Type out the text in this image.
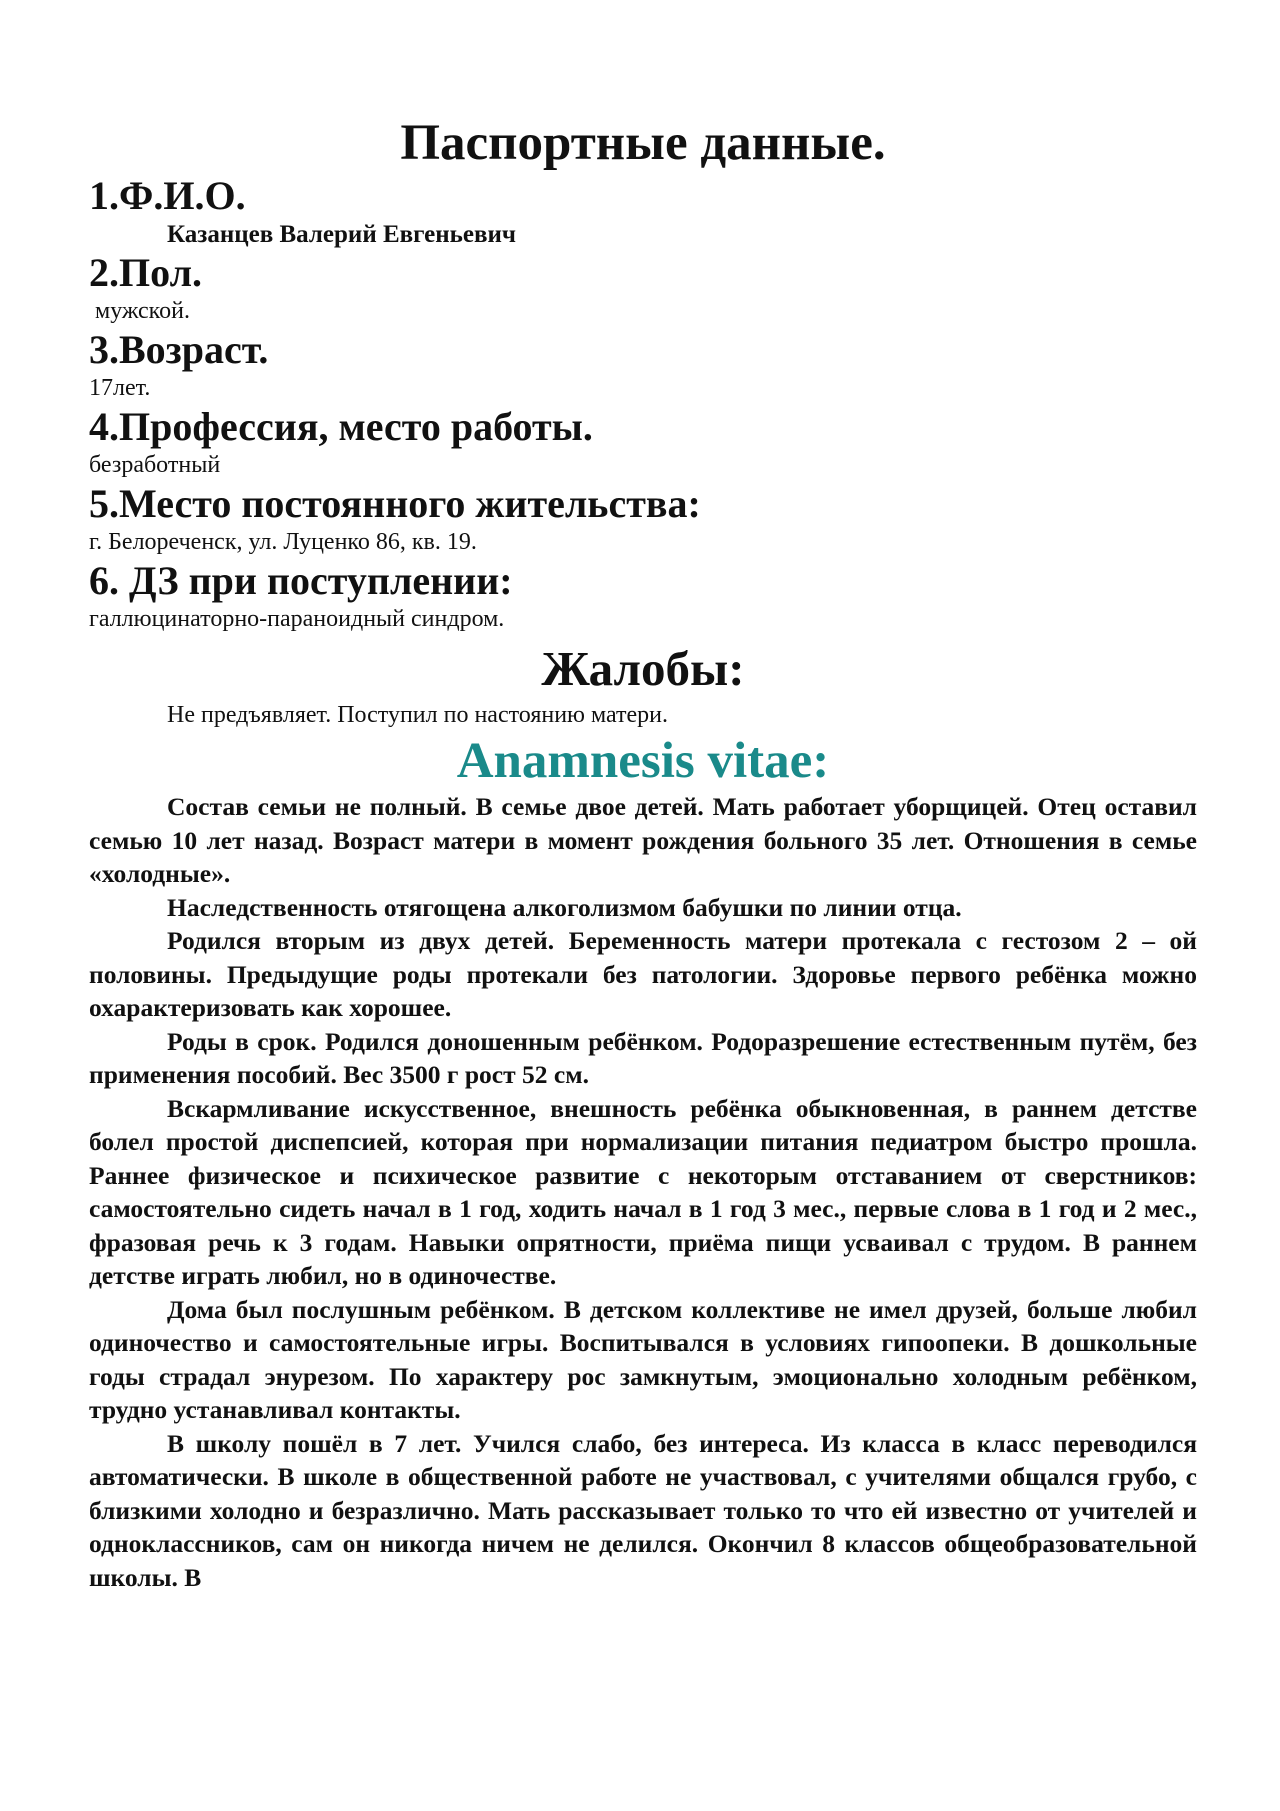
Паспортные данные.
1.Ф.И.О.
Казанцев Валерий Евгеньевич
2.Пол.
мужской.
3.Возраст.
17лет.
4.Профессия, место работы.
безработный
5.Место постоянного жительства:
г. Белореченск, ул. Луценко 86, кв. 19.
6. ДЗ при поступлении:
галлюцинаторно-параноидный синдром.
Жалобы:
Не предъявляет. Поступил по настоянию матери.
Anamnesis vitae:

Состав семьи не полный. В семье двое детей. Мать работает уборщицей. Отец оставил семью 10 лет назад. Возраст матери в момент рождения больного 35 лет. Отношения в семье «холодные».

Наследственность отягощена алкоголизмом бабушки по линии отца.

Родился вторым из двух детей. Беременность матери протекала с гестозом 2 – ой половины. Предыдущие роды протекали без патологии. Здоровье первого ребёнка можно охарактеризовать как хорошее.

Роды в срок. Родился доношенным ребёнком. Родоразрешение естественным путём, без применения пособий. Вес 3500 г рост 52 см.

Вскармливание искусственное, внешность ребёнка обыкновенная, в раннем детстве болел простой диспепсией, которая при нормализации питания педиатром быстро прошла. Раннее физическое и психическое развитие с некоторым отставанием от сверстников: самостоятельно сидеть начал в 1 год, ходить начал в 1 год 3 мес., первые слова в 1 год и 2 мес., фразовая речь к 3 годам. Навыки опрятности, приёма пищи усваивал с трудом. В раннем детстве играть любил, но в одиночестве.

Дома был послушным ребёнком. В детском коллективе не имел друзей, больше любил одиночество и самостоятельные игры. Воспитывался в условиях гипоопеки. В дошкольные годы страдал энурезом. По характеру рос замкнутым, эмоционально холодным ребёнком, трудно устанавливал контакты.

В школу пошёл в 7 лет. Учился слабо, без интереса. Из класса в класс переводился автоматически. В школе в общественной работе не участвовал, с учителями общался грубо, с близкими холодно и безразлично. Мать рассказывает только то что ей известно от учителей и одноклассников, сам он никогда ничем не делился. Окончил 8 классов общеобразовательной школы. В
